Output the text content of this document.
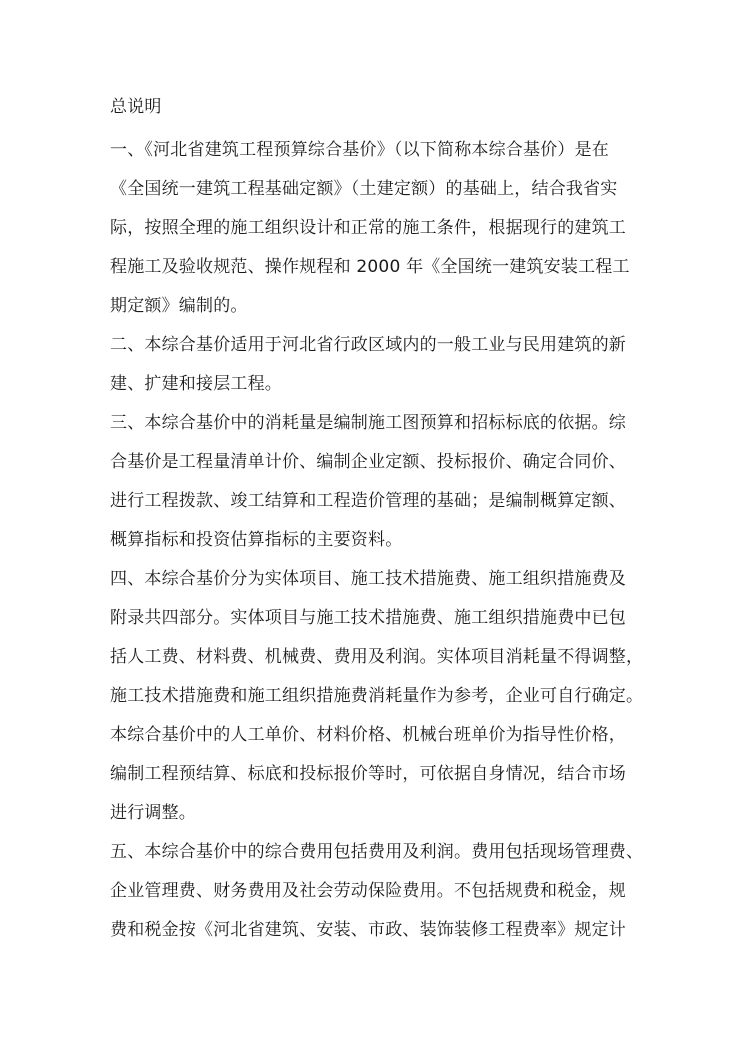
总说明
一、《河北省建筑工程预算综合基价》（以下简称本综合基价）是在
《全国统一建筑工程基础定额》（土建定额）的基础上，结合我省实
际，按照全理的施工组织设计和正常的施工条件，根据现行的建筑工
程施工及验收规范、操作规程和 2000 年《全国统一建筑安装工程工
期定额》编制的。
二、本综合基价适用于河北省行政区域内的一般工业与民用建筑的新
建、扩建和接层工程。
三、本综合基价中的消耗量是编制施工图预算和招标标底的依据。综
合基价是工程量清单计价、编制企业定额、投标报价、确定合同价、
进行工程拨款、竣工结算和工程造价管理的基础；是编制概算定额、
概算指标和投资估算指标的主要资料。
四、本综合基价分为实体项目、施工技术措施费、施工组织措施费及
附录共四部分。实体项目与施工技术措施费、施工组织措施费中已包
括人工费、材料费、机械费、费用及利润。实体项目消耗量不得调整，
施工技术措施费和施工组织措施费消耗量作为参考，企业可自行确定。
本综合基价中的人工单价、材料价格、机械台班单价为指导性价格，
编制工程预结算、标底和投标报价等时，可依据自身情况，结合市场
进行调整。
五、本综合基价中的综合费用包括费用及利润。费用包括现场管理费、
企业管理费、财务费用及社会劳动保险费用。不包括规费和税金，规
费和税金按《河北省建筑、安装、市政、装饰装修工程费率》规定计
